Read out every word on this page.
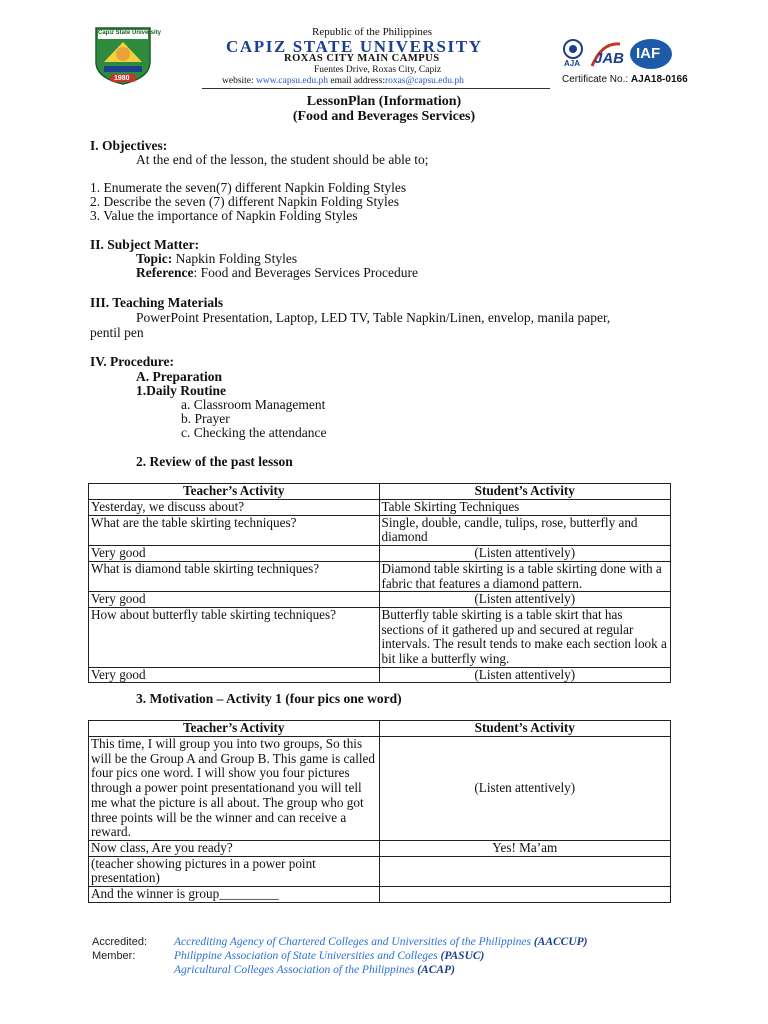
Capiz State University
1980
Republic of the Philippines
CAPIZ STATE UNIVERSITY
ROXAS CITY MAIN CAMPUS
Fuentes Drive, Roxas City, Capiz
website: www.capsu.edu.ph email address:roxas@capsu.edu.ph
AJA JAB IAF
Certificate No.: AJA18-0166
LessonPlan (Information)
(Food and Beverages Services)
I. Objectives:
At the end of the lesson, the student should be able to;
1. Enumerate the seven(7) different Napkin Folding Styles
2. Describe the seven (7) different Napkin Folding Styles
3. Value the importance of Napkin Folding Styles
II. Subject Matter:
Topic: Napkin Folding Styles
Reference: Food and Beverages Services Procedure
III. Teaching Materials
PowerPoint Presentation, Laptop, LED TV, Table Napkin/Linen, envelop, manila paper,
pentil pen
IV. Procedure:
A. Preparation
1.Daily Routine
a. Classroom Management
b. Prayer
c. Checking the attendance
2. Review of the past lesson
Teacher’s Activity	Student’s Activity
Yesterday, we discuss about?	Table Skirting Techniques
What are the table skirting techniques?	Single, double, candle, tulips, rose, butterfly and diamond
Very good	(Listen attentively)
What is diamond table skirting techniques?	Diamond table skirting is a table skirting done with a fabric that features a diamond pattern.
Very good	(Listen attentively)
How about butterfly table skirting techniques?	Butterfly table skirting is a table skirt that has sections of it gathered up and secured at regular intervals. The result tends to make each section look a bit like a butterfly wing.
Very good	(Listen attentively)
3. Motivation – Activity 1 (four pics one word)
Teacher’s Activity	Student’s Activity
This time, I will group you into two groups, So this will be the Group A and Group B. This game is called four pics one word. I will show you four pictures through a power point presentationand you will tell me what the picture is all about. The group who got three points will be the winner and can receive a reward.	(Listen attentively)
Now class, Are you ready?	Yes! Ma’am
(teacher showing pictures in a power point presentation)	
And the winner is group_________	
Accredited: Accrediting Agency of Chartered Colleges and Universities of the Philippines (AACCUP)
Member:	Philippine Association of State Universities and Colleges (PASUC)
Agricultural Colleges Association of the Philippines (ACAP)
